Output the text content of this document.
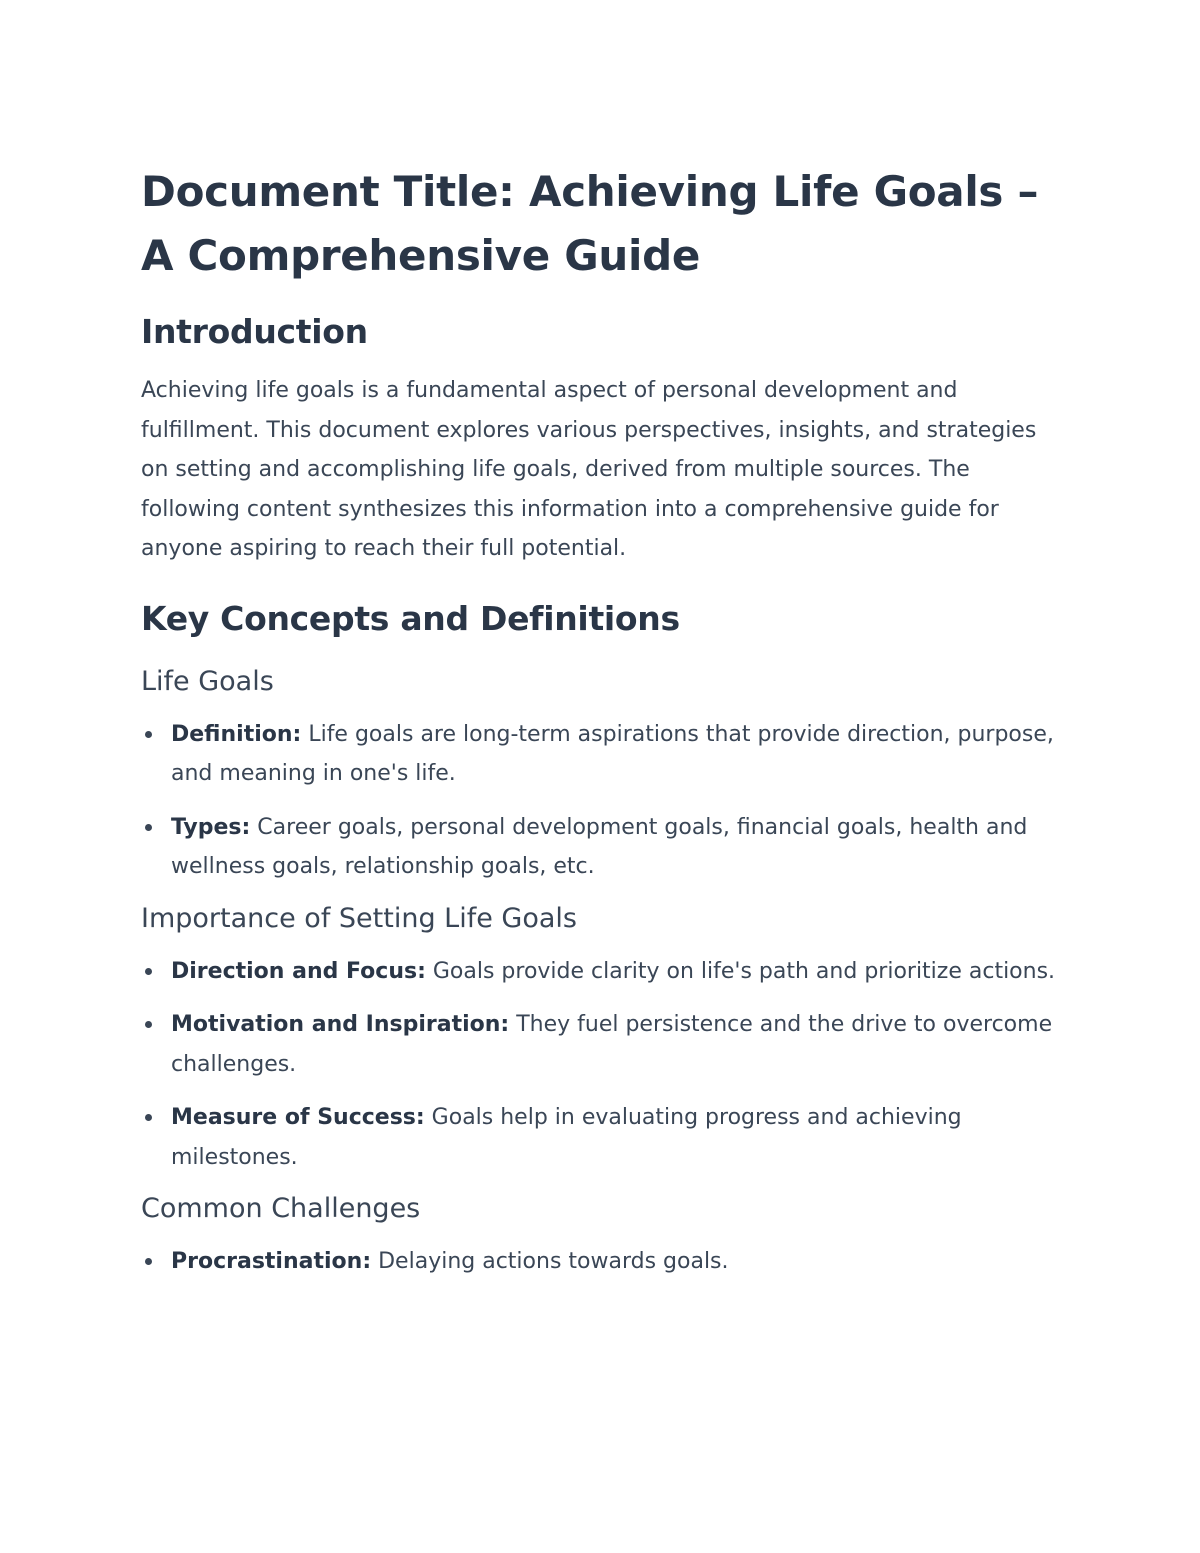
Document Title: Achieving Life Goals – A Comprehensive Guide
Introduction

Achieving life goals is a fundamental aspect of personal development and fulfillment. This document explores various perspectives, insights, and strategies on setting and accomplishing life goals, derived from multiple sources. The following content synthesizes this information into a comprehensive guide for anyone aspiring to reach their full potential.

Key Concepts and Definitions
Life Goals
Definition: Life goals are long-term aspirations that provide direction, purpose, and meaning in one's life.
Types: Career goals, personal development goals, financial goals, health and wellness goals, relationship goals, etc.
Importance of Setting Life Goals
Direction and Focus: Goals provide clarity on life's path and prioritize actions.
Motivation and Inspiration: They fuel persistence and the drive to overcome challenges.
Measure of Success: Goals help in evaluating progress and achieving milestones.
Common Challenges
Procrastination: Delaying actions towards goals.
